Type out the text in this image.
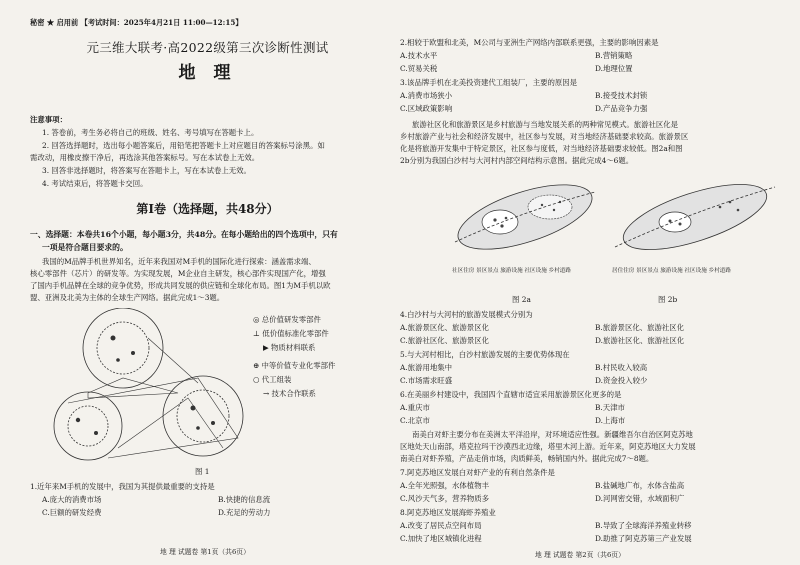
秘密 ★ 启用前 【考试时间：2025年4月21日 11:00—12:15】
元三维大联考·高2022级第三次诊断性测试
地 理
注意事项：
1. 答卷前，考生务必将自己的班级、姓名、考号填写在答题卡上。
2. 回答选择题时，选出每小题答案后，用铅笔把答题卡上对应题目的答案标号涂黑。如
需改动，用橡皮擦干净后，再选涂其他答案标号。写在本试卷上无效。
3. 回答非选择题时，将答案写在答题卡上，写在本试卷上无效。
4. 考试结束后，将答题卡交回。
第Ⅰ卷（选择题，共48分）
一、选择题：本卷共16个小题，每小题3分，共48分。在每小题给出的四个选项中，只有
一项是符合题目要求的。
我国的M品牌手机世界知名，近年来我国对M手机的国际化进行探索：涵盖需求端、
核心零部件（芯片）的研发等。为实现发展，M企业自主研发，核心部件实现国产化，增强
了国内手机品牌在全球的竞争优势，形成共同发展的供应链和全球化布局。图1为M手机以欧
盟、亚洲及北美为主体的全球生产网络。据此完成1～3题。
◎ 总价值研发零部件
⊥ 低价值标准化零部件
▶ 物质材料联系
⊕ 中等价值专业化零部件
○ 代工组装
→ 技术合作联系
图 1
1.近年来M手机的发展中，我国为其提供最重要的支持是
A.庞大的消费市场	B.快捷的信息流
C.巨额的研发经费	D.充足的劳动力
地 理 试题卷 第1页（共6页）
2.相较于欧盟和北美，M公司与亚洲生产网络内部联系更强，主要的影响因素是
A.技术水平	B.营销策略
C.贸易关税	D.地理位置
3.该品牌手机在北美投资建代工组装厂，主要的原因是
A.消费市场狭小	B.接受技术封锁
C.区域政策影响	D.产品竞争力强
旅游社区化和旅游景区是乡村旅游与当地发展关系的两种常见模式。旅游社区化是
乡村旅游产业与社会和经济发展中，社区参与发展，对当地经济基础要求较高。旅游景区
化是将旅游开发集中于特定景区，社区参与度低，对当地经济基础要求较低。图2a和图
2b分别为我国白沙村与大河村内部空间结构示意图。据此完成4～6题。
社区住房 景区景点 旅游设施 社区设施 乡村道路
图 2a
居住住房 景区景点 旅游设施 社区设施 乡村道路
图 2b
4.白沙村与大河村的旅游发展模式分别为
A.旅游景区化、旅游景区化	B.旅游景区化、旅游社区化
C.旅游社区化、旅游景区化	D.旅游社区化、旅游社区化
5.与大河村相比，白沙村旅游发展的主要优势体现在
A.旅游用地集中	B.村民收入较高
C.市场需求旺盛	D.资金投入较少
6.在美丽乡村建设中，我国四个直辖市适宜采用旅游景区化更多的是
A.重庆市	B.天津市
C.北京市	D.上海市
南美白对虾主要分布在美洲太平洋沿岸，对环境适应性强。新疆维吾尔自治区阿克苏地
区地处天山南部，塔克拉玛干沙漠西北边缘，塔里木河上游。近年来，阿克苏地区大力发展
南美白对虾养殖，产品走俏市场，肉质鲜美，畅销国内外。据此完成7～8题。
7.阿克苏地区发展白对虾产业的有利自然条件是
A.全年光照强，水体植物丰	B.盐碱地广布，水体含盐高
C.风沙天气多，营养物质多	D.河网密交错，水域面积广
8.阿克苏地区发展海虾养殖业
A.改变了居民点空间布局	B.导致了全球海洋养殖业转移
C.加快了地区城镇化进程	D.助推了阿克苏第三产业发展
地 理 试题卷 第2页（共6页）
